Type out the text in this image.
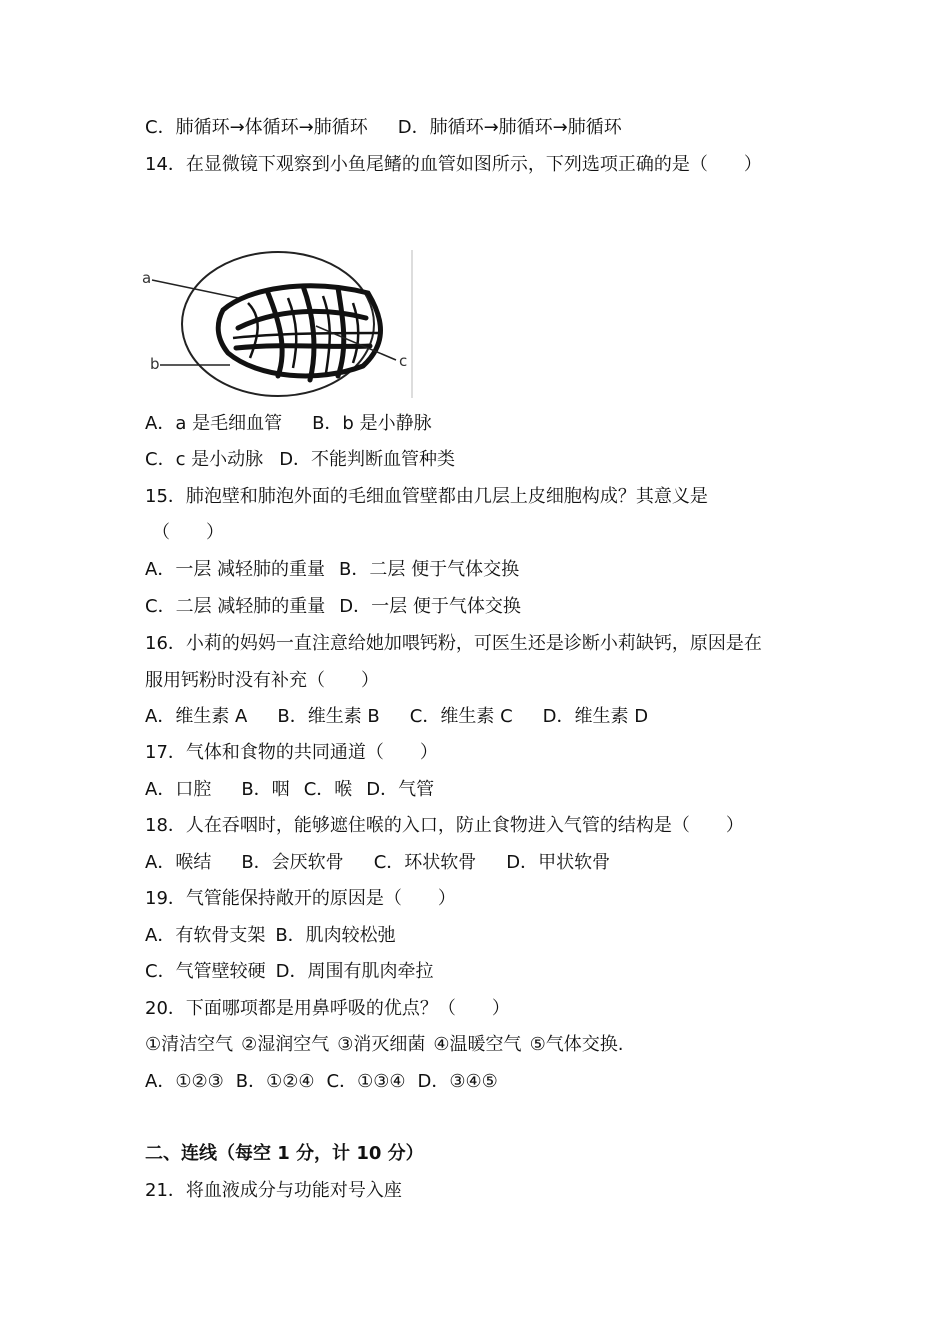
C．肺循环→体循环→肺循环 D．肺循环→肺循环→肺循环
14．在显微镜下观察到小鱼尾鳍的血管如图所示，下列选项正确的是（　　）
a
b	c
A．a 是毛细血管 B．b 是小静脉
C．c 是小动脉 D．不能判断血管种类
15．肺泡壁和肺泡外面的毛细血管壁都由几层上皮细胞构成？其意义是
（　　）
A．一层 减轻肺的重量 B．二层 便于气体交换
C．二层 减轻肺的重量 D．一层 便于气体交换
16．小莉的妈妈一直注意给她加喂钙粉，可医生还是诊断小莉缺钙，原因是在
服用钙粉时没有补充（　　）
A．维生素 A B．维生素 B C．维生素 C D．维生素 D
17．气体和食物的共同通道（　　）
A．口腔 B．咽 C．喉 D．气管
18．人在吞咽时，能够遮住喉的入口，防止食物进入气管的结构是（　　）
A．喉结 B．会厌软骨 C．环状软骨 D．甲状软骨
19．气管能保持敞开的原因是（　　）
A．有软骨支架 B．肌肉较松弛
C．气管壁较硬 D．周围有肌肉牵拉
20．下面哪项都是用鼻呼吸的优点？（　　）
①清洁空气 ②湿润空气 ③消灭细菌 ④温暖空气 ⑤气体交换.
A．①②③ B．①②④ C．①③④ D．③④⑤
二、连线（每空 1 分，计 10 分）
21．将血液成分与功能对号入座
